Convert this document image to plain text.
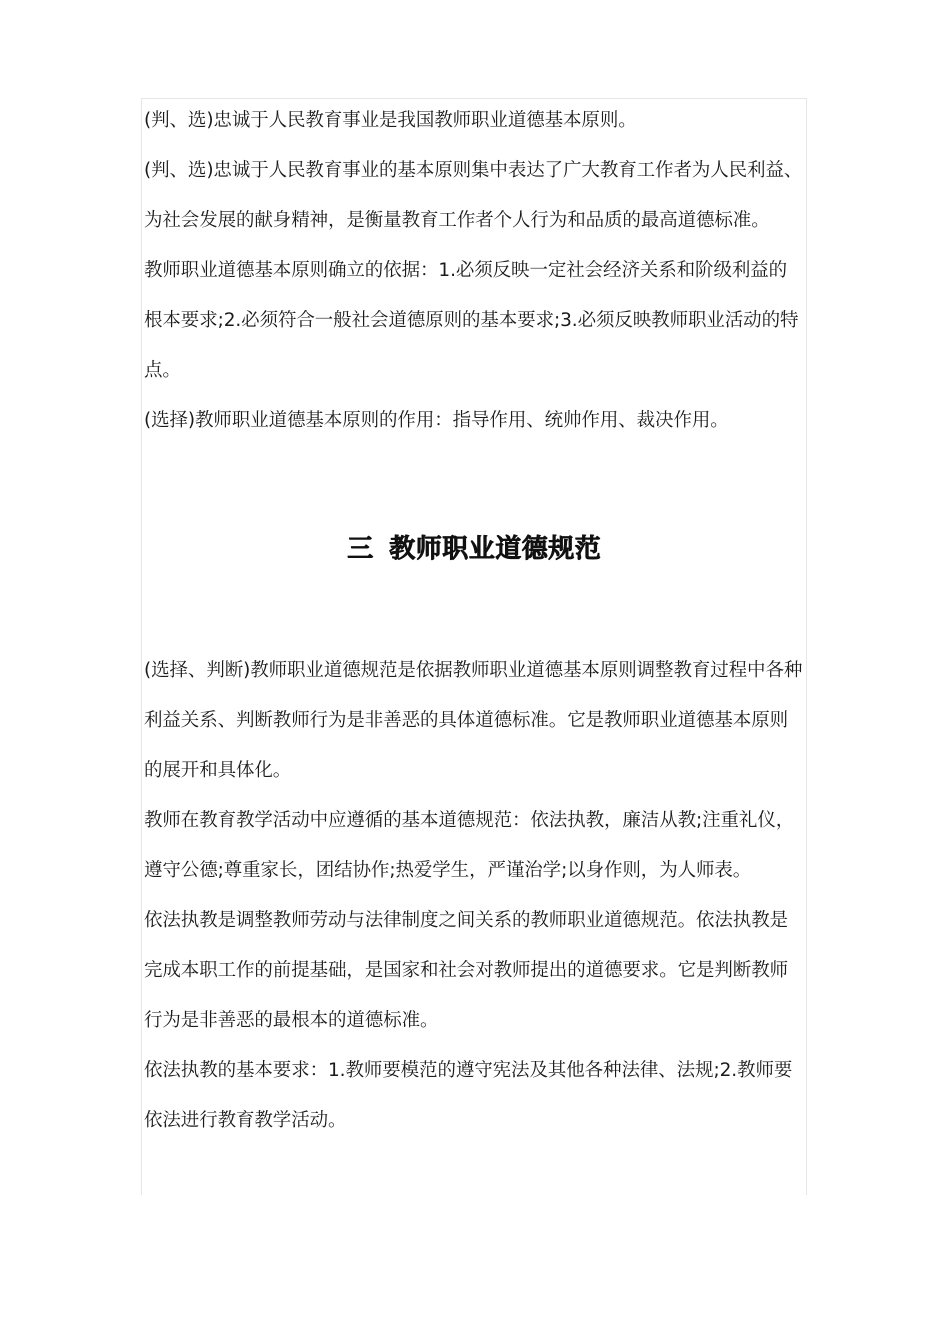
(判、选)忠诚于人民教育事业是我国教师职业道德基本原则。

(判、选)忠诚于人民教育事业的基本原则集中表达了广大教育工作者为人民利益、为社会发展的献身精神，是衡量教育工作者个人行为和品质的最高道德标准。

教师职业道德基本原则确立的依据：1.必须反映一定社会经济关系和阶级利益的根本要求;2.必须符合一般社会道德原则的基本要求;3.必须反映教师职业活动的特点。

(选择)教师职业道德基本原则的作用：指导作用、统帅作用、裁决作用。

三 教师职业道德规范

(选择、判断)教师职业道德规范是依据教师职业道德基本原则调整教育过程中各种利益关系、判断教师行为是非善恶的具体道德标准。它是教师职业道德基本原则的展开和具体化。

教师在教育教学活动中应遵循的基本道德规范：依法执教，廉洁从教;注重礼仪，遵守公德;尊重家长，团结协作;热爱学生，严谨治学;以身作则，为人师表。

依法执教是调整教师劳动与法律制度之间关系的教师职业道德规范。依法执教是完成本职工作的前提基础，是国家和社会对教师提出的道德要求。它是判断教师行为是非善恶的最根本的道德标准。

依法执教的基本要求：1.教师要模范的遵守宪法及其他各种法律、法规;2.教师要依法进行教育教学活动。
